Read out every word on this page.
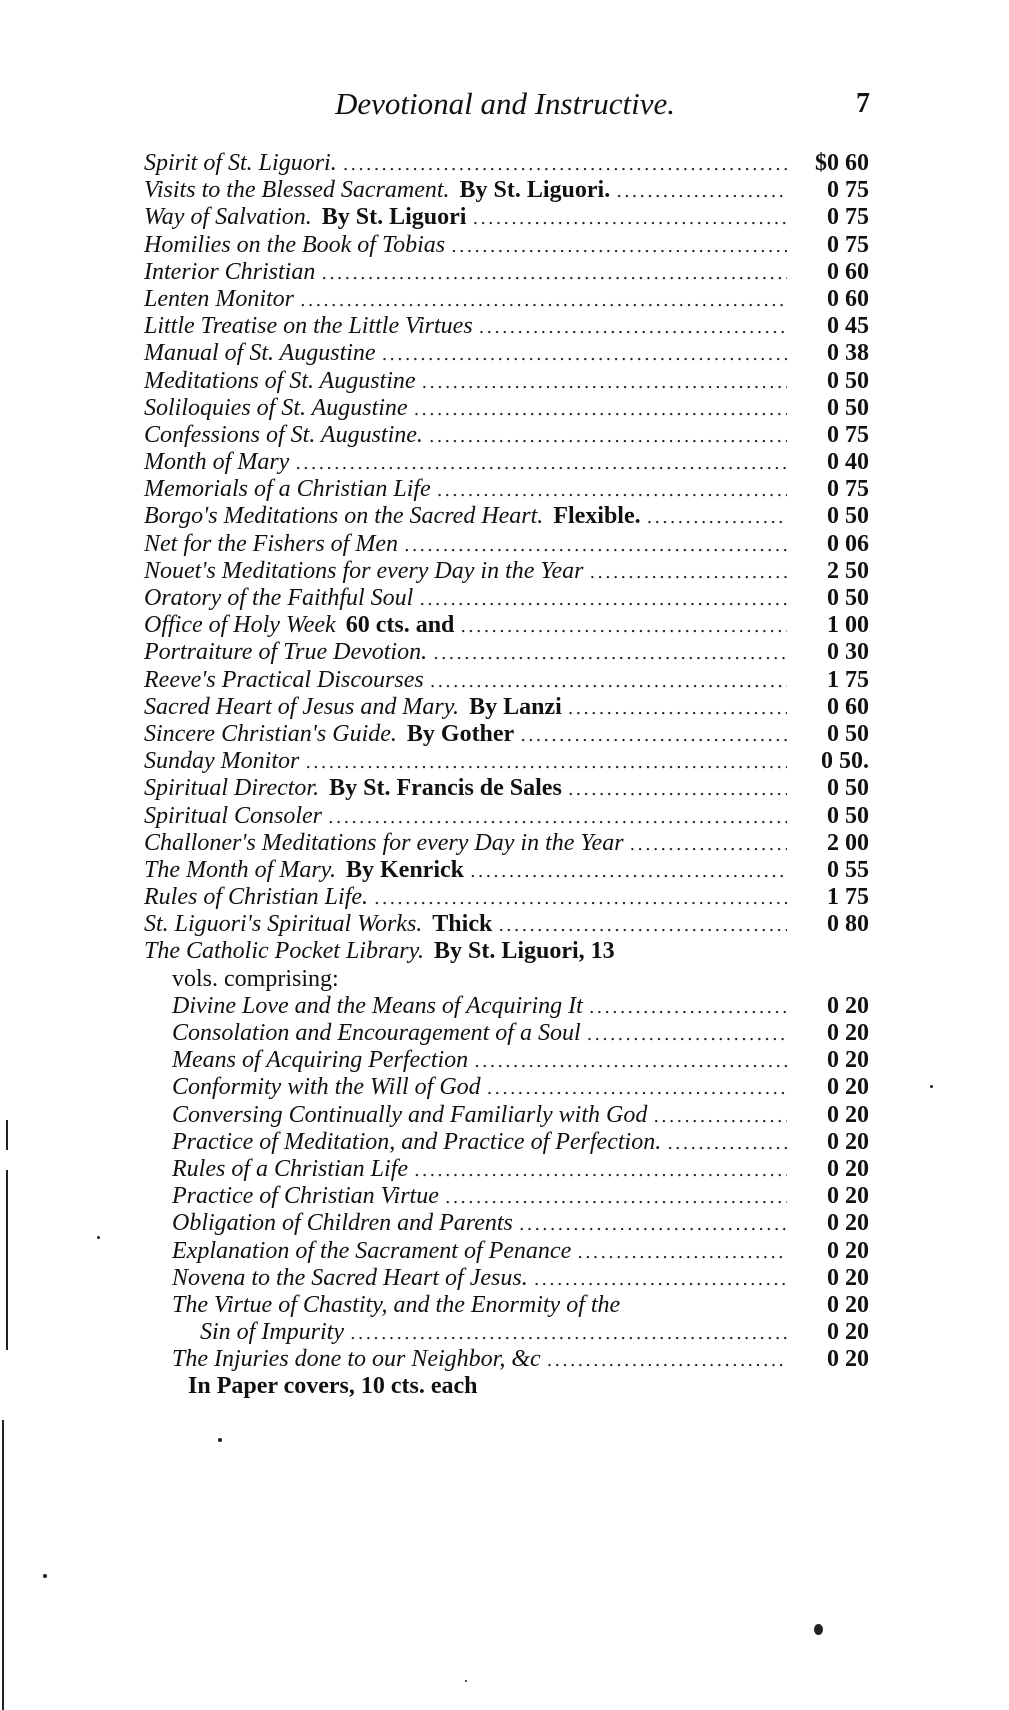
Devotional and Instructive.	7
Spirit of St. Liguori. .....	$0 60
Visits to the Blessed Sacrament. By St. Liguori. .....	0 75
Way of Salvation. By St. Liguori .....	0 75
Homilies on the Book of Tobias .....	0 75
Interior Christian .....	0 60
Lenten Monitor .....	0 60
Little Treatise on the Little Virtues .....	0 45
Manual of St. Augustine .....	0 38
Meditations of St. Augustine .....	0 50
Soliloquies of St. Augustine .....	0 50
Confessions of St. Augustine. .....	0 75
Month of Mary .....	0 40
Memorials of a Christian Life .....	0 75
Borgo's Meditations on the Sacred Heart. Flexible. .....	0 50
Net for the Fishers of Men .....	0 06
Nouet's Meditations for every Day in the Year .....	2 50
Oratory of the Faithful Soul .....	0 50
Office of Holy Week 60 cts. and .....	1 00
Portraiture of True Devotion. .....	0 30
Reeve's Practical Discourses .....	1 75
Sacred Heart of Jesus and Mary. By Lanzi .....	0 60
Sincere Christian's Guide. By Gother .....	0 50
Sunday Monitor .....	0 50.
Spiritual Director. By St. Francis de Sales .....	0 50
Spiritual Consoler .....	0 50
Challoner's Meditations for every Day in the Year .....	2 00
The Month of Mary. By Kenrick .....	0 55
Rules of Christian Life. .....	1 75
St. Liguori's Spiritual Works. Thick .....	0 80
The Catholic Pocket Library. By St. Liguori, 13
vols. comprising:
Divine Love and the Means of Acquiring It .....	0 20
Consolation and Encouragement of a Soul .....	0 20
Means of Acquiring Perfection .....	0 20
Conformity with the Will of God .....	0 20
Conversing Continually and Familiarly with God .....	0 20
Practice of Meditation, and Practice of Perfection. .....	0 20
Rules of a Christian Life .....	0 20
Practice of Christian Virtue .....	0 20
Obligation of Children and Parents .....	0 20
Explanation of the Sacrament of Penance .....	0 20
Novena to the Sacred Heart of Jesus. .....	0 20
The Virtue of Chastity, and the Enormity of the	0 20
Sin of Impurity .....	0 20
The Injuries done to our Neighbor, &c .....	0 20
In Paper covers, 10 cts. each
